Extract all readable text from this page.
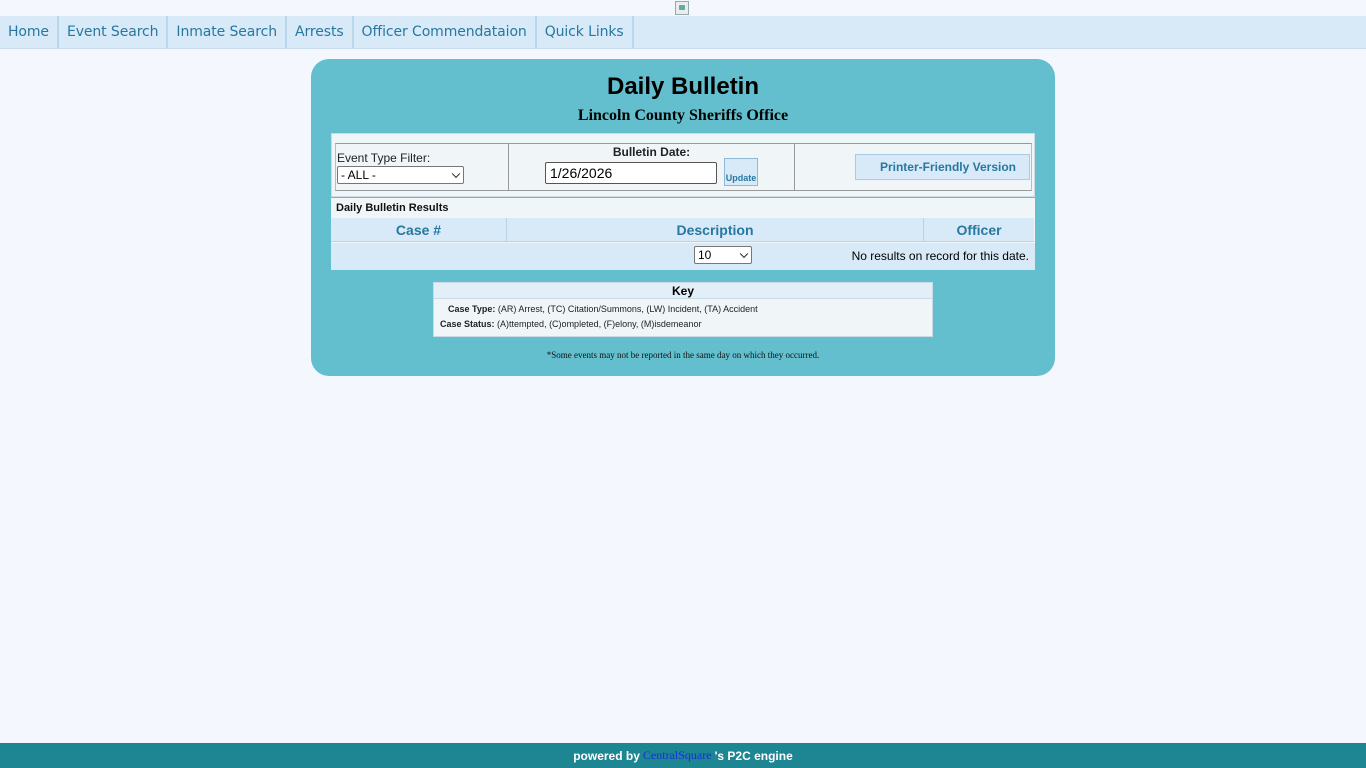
Home	Event Search	Inmate Search	Arrests	Officer Commendataion	Quick Links
Daily Bulletin
Lincoln County Sheriffs Office
Event Type Filter:
- ALL -
Bulletin Date:
1/26/2026	Update
Printer-Friendly Version
Daily Bulletin Results
Case #	Description	Officer
10	No results on record for this date.
Key
Case Type: (AR) Arrest, (TC) Citation/Summons, (LW) Incident, (TA) Accident
Case Status: (A)ttempted, (C)ompleted, (F)elony, (M)isdemeanor
*Some events may not be reported in the same day on which they occurred.
powered by CentralSquare 's P2C engine
